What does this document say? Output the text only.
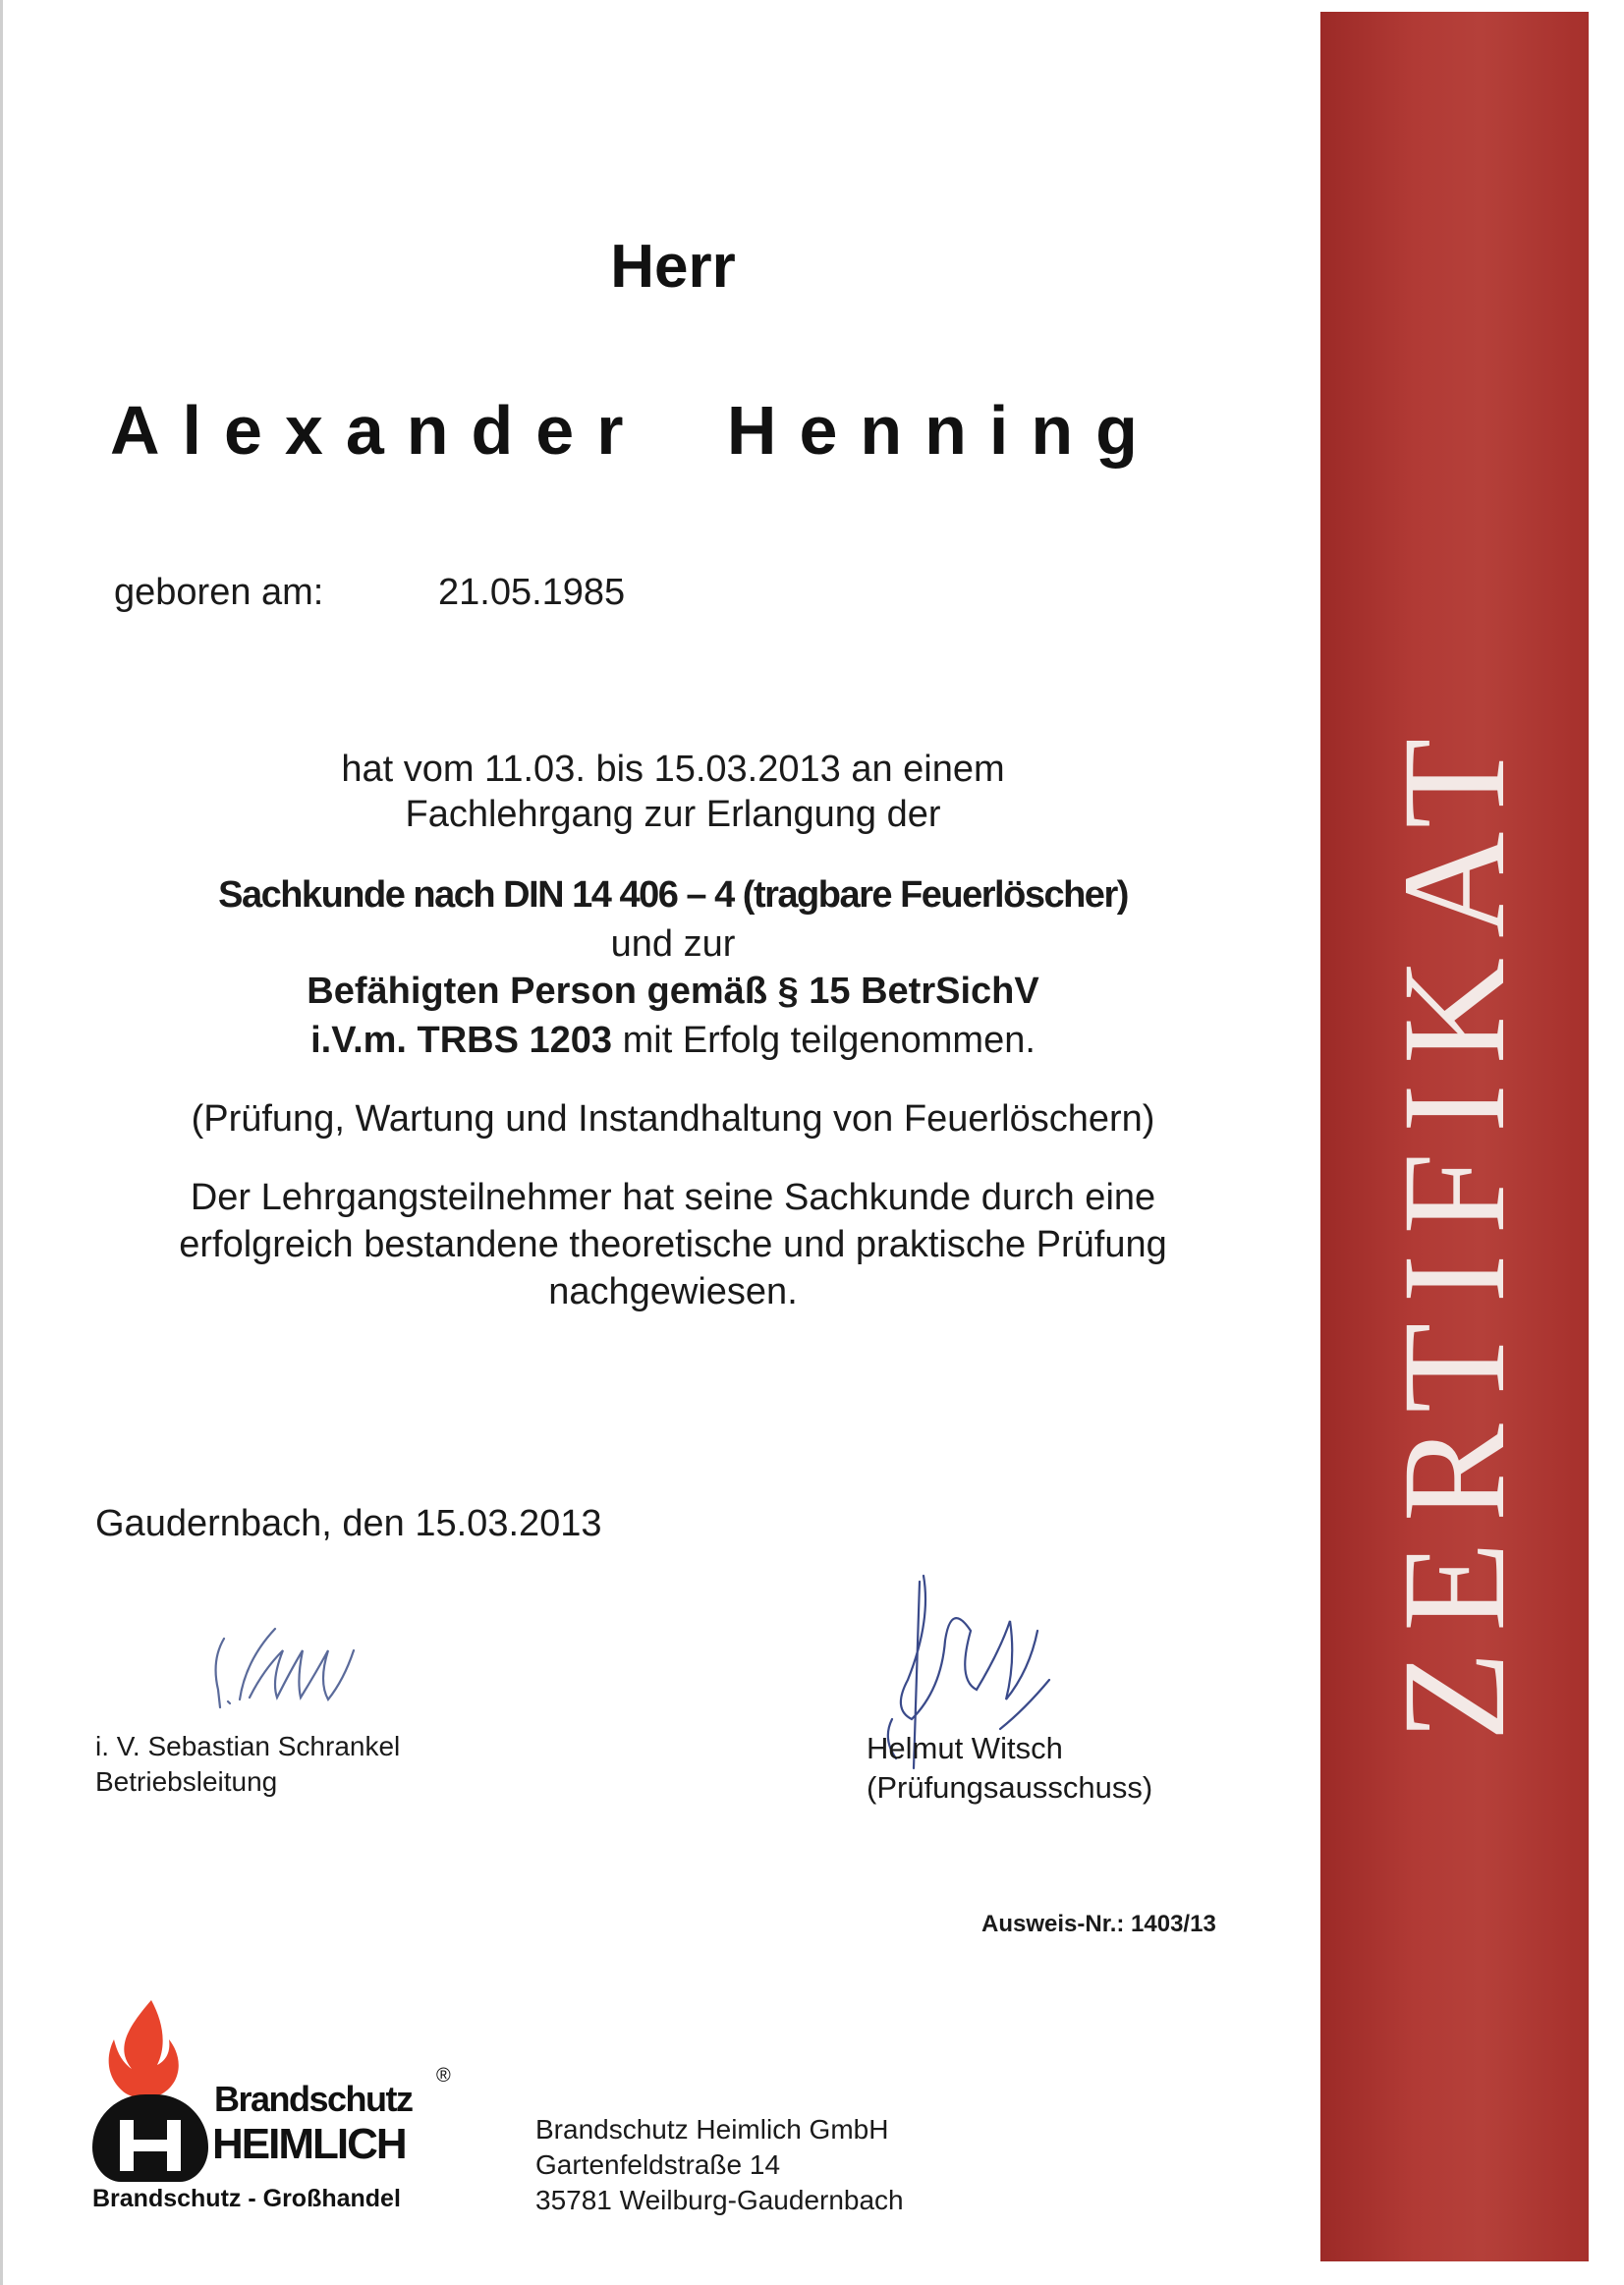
ZERTIFIKAT
Herr
Alexander Henning
geboren am:	21.05.1985
hat vom 11.03. bis 15.03.2013 an einem
Fachlehrgang zur Erlangung der
Sachkunde nach DIN 14 406 – 4 (tragbare Feuerlöscher)
und zur
Befähigten Person gemäß § 15 BetrSichV
i.V.m. TRBS 1203 mit Erfolg teilgenommen.
(Prüfung, Wartung und Instandhaltung von Feuerlöschern)
Der Lehrgangsteilnehmer hat seine Sachkunde durch eine
erfolgreich bestandene theoretische und praktische Prüfung
nachgewiesen.
Gaudernbach, den 15.03.2013
i. V. Sebastian Schrankel
Betriebsleitung
Helmut Witsch
(Prüfungsausschuss)
Ausweis-Nr.: 1403/13
Brandschutz
®
HEIMLICH
Brandschutz - Großhandel
Brandschutz Heimlich GmbH
Gartenfeldstraße 14
35781 Weilburg-Gaudernbach
